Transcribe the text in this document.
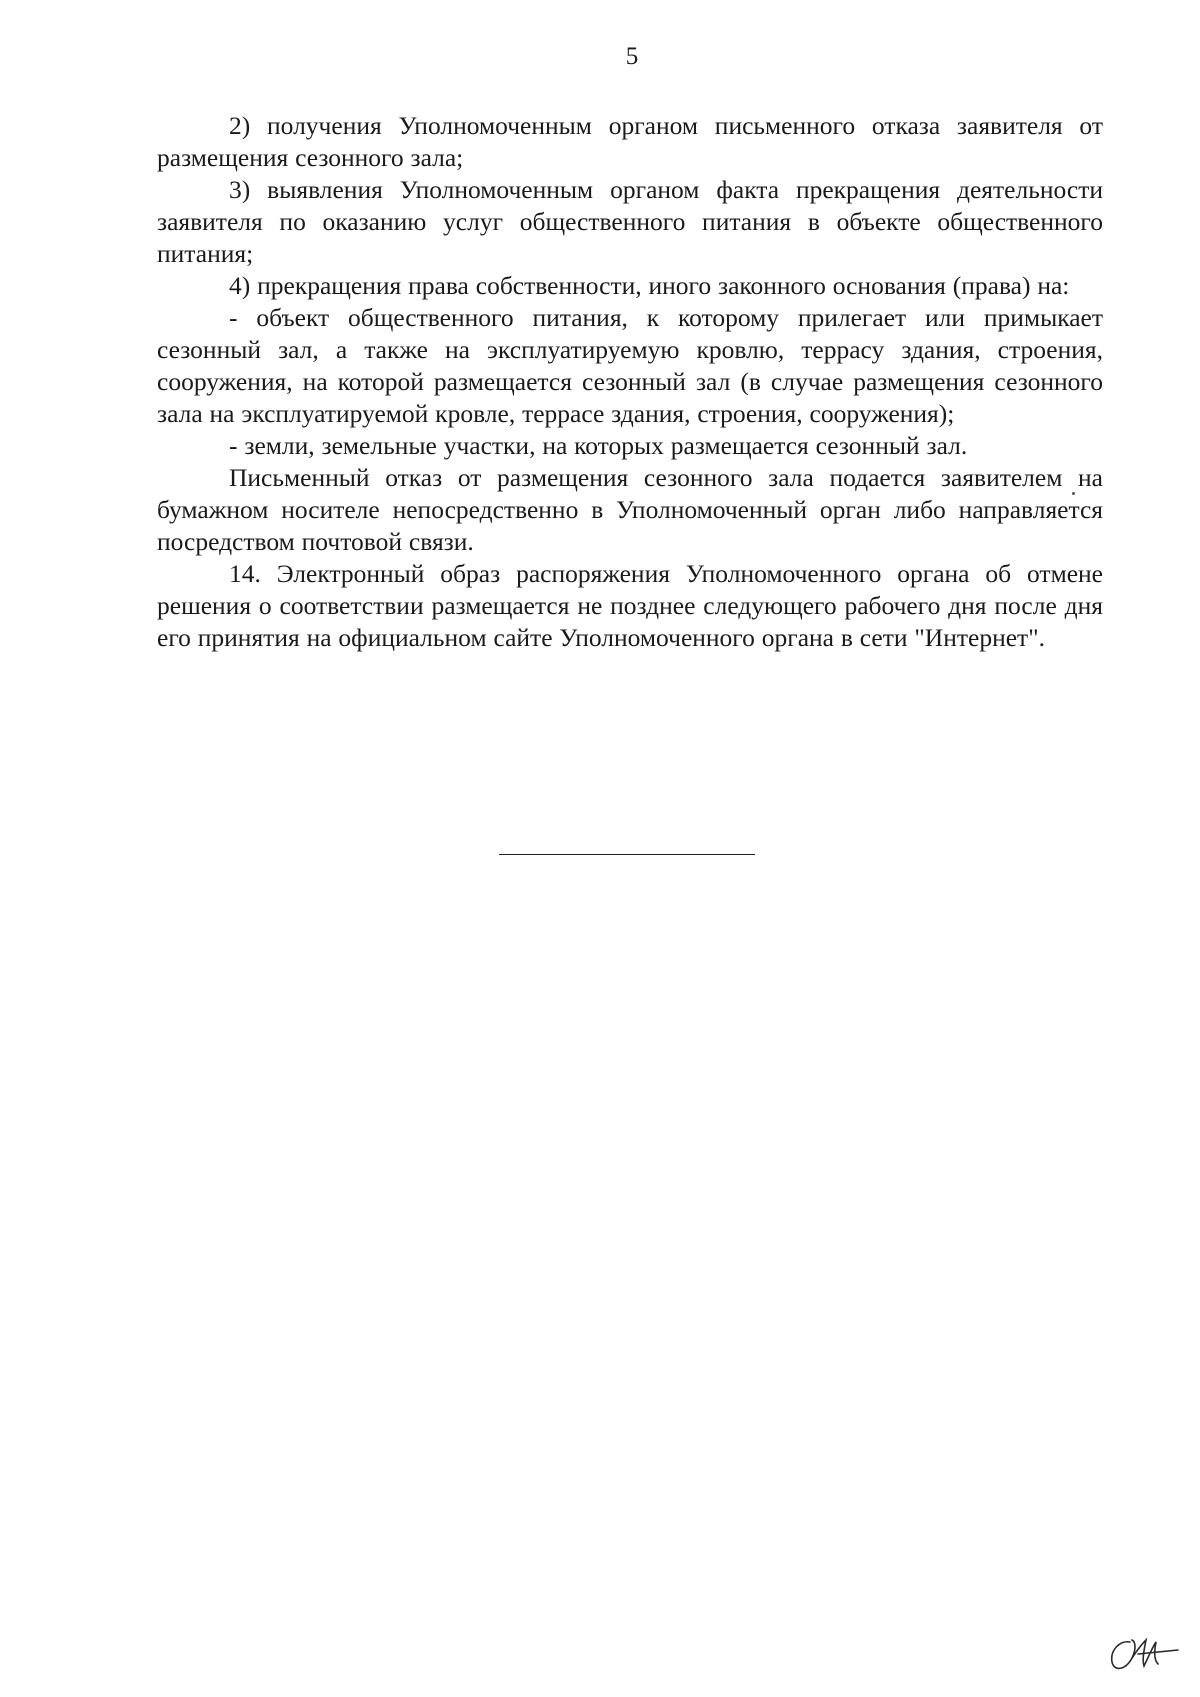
5

2) получения Уполномоченным органом письменного отказа заявителя от размещения сезонного зала;

3) выявления Уполномоченным органом факта прекращения деятельности заявителя по оказанию услуг общественного питания в объекте общественного питания;

4) прекращения права собственности, иного законного основания (права) на:

- объект общественного питания, к которому прилегает или примыкает сезонный зал, а также на эксплуатируемую кровлю, террасу здания, строения, сооружения, на которой размещается сезонный зал (в случае размещения сезонного зала на эксплуатируемой кровле, террасе здания, строения, сооружения);

- земли, земельные участки, на которых размещается сезонный зал.

Письменный отказ от размещения сезонного зала подается заявителем на бумажном носителе непосредственно в Уполномоченный орган либо направляется посредством почтовой связи.

14. Электронный образ распоряжения Уполномоченного органа об отмене решения о соответствии размещается не позднее следующего рабочего дня после дня его принятия на официальном сайте Уполномоченного органа в сети "Интернет".
